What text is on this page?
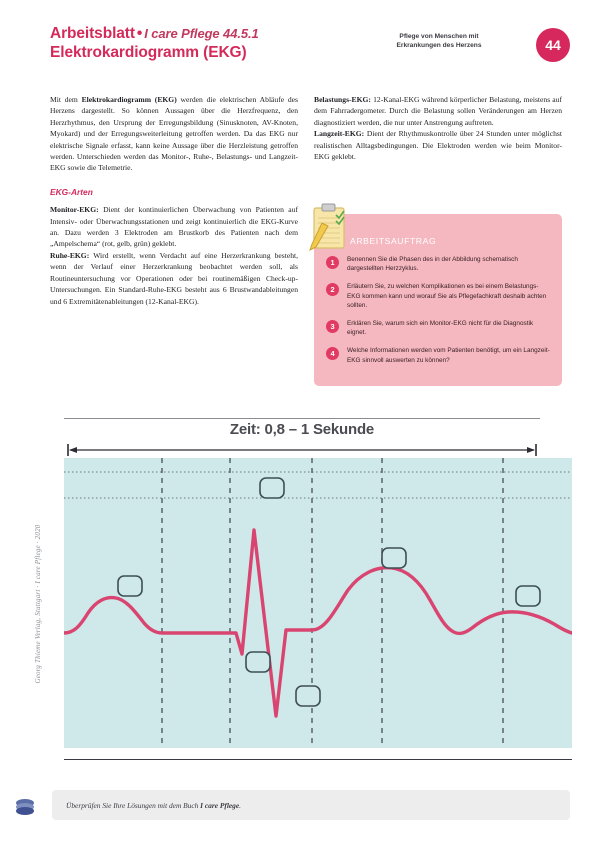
Georg Thieme Verlag, Stuttgart · I care Pflege · 2020
Arbeitsblatt • I care Pflege 44.5.1
Elektrokardiogramm (EKG)
Pflege von Menschen mit
Erkrankungen des Herzens	44

Mit dem Elektrokardiogramm (EKG) werden die elektrischen Abläufe des Herzens dargestellt. So können Aussagen über die Herzfrequenz, den Herzrhythmus, den Ursprung der Erregungsbildung (Sinusknoten, AV-Knoten, Myokard) und der Erregungsweiterleitung getroffen werden. Da das EKG nur elektrische Signale erfasst, kann keine Aussage über die Herzleistung getroffen werden. Unterschieden werden das Monitor-, Ruhe-, Belastungs- und Langzeit-EKG sowie die Telemetrie.

EKG-Arten

Monitor-EKG: Dient der kontinuierlichen Überwachung von Patienten auf Intensiv- oder Überwachungsstationen und zeigt kontinuierlich die EKG-Kurve an. Dazu werden 3 Elektroden am Brustkorb des Patienten nach dem „Ampelschema“ (rot, gelb, grün) geklebt.

Ruhe-EKG: Wird erstellt, wenn Verdacht auf eine Herzerkrankung besteht, wenn der Verlauf einer Herzerkrankung beobachtet werden soll, als Routineuntersuchung vor Operationen oder bei routinemäßigen Check-up-Untersuchungen. Ein Standard-Ruhe-EKG besteht aus 6 Brustwandableitungen und 6 Extremitätenableitungen (12-Kanal-EKG).

Belastungs-EKG: 12-Kanal-EKG während körperlicher Belastung, meistens auf dem Fahrradergometer. Durch die Belastung sollen Veränderungen am Herzen diagnostiziert werden, die nur unter Anstrengung auftreten.

Langzeit-EKG: Dient der Rhythmuskontrolle über 24 Stunden unter möglichst realistischen Alltagsbedingungen. Die Elektroden werden wie beim Monitor-EKG geklebt.

ARBEITSAUFTRAG
1	Benennen Sie die Phasen des in der Abbildung schematisch dargestellten Herzzyklus.
2	Erläutern Sie, zu welchen Komplikationen es bei einem Belastungs-EKG kommen kann und worauf Sie als Pflegefachkraft deshalb achten sollten.
3	Erklären Sie, warum sich ein Monitor-EKG nicht für die Diagnostik eignet.
4	Welche Informationen werden vom Patienten benötigt, um ein Langzeit-EKG sinnvoll auswerten zu können?
Zeit: 0,8 – 1 Sekunde
Überprüfen Sie Ihre Lösungen mit dem Buch I care Pflege.
